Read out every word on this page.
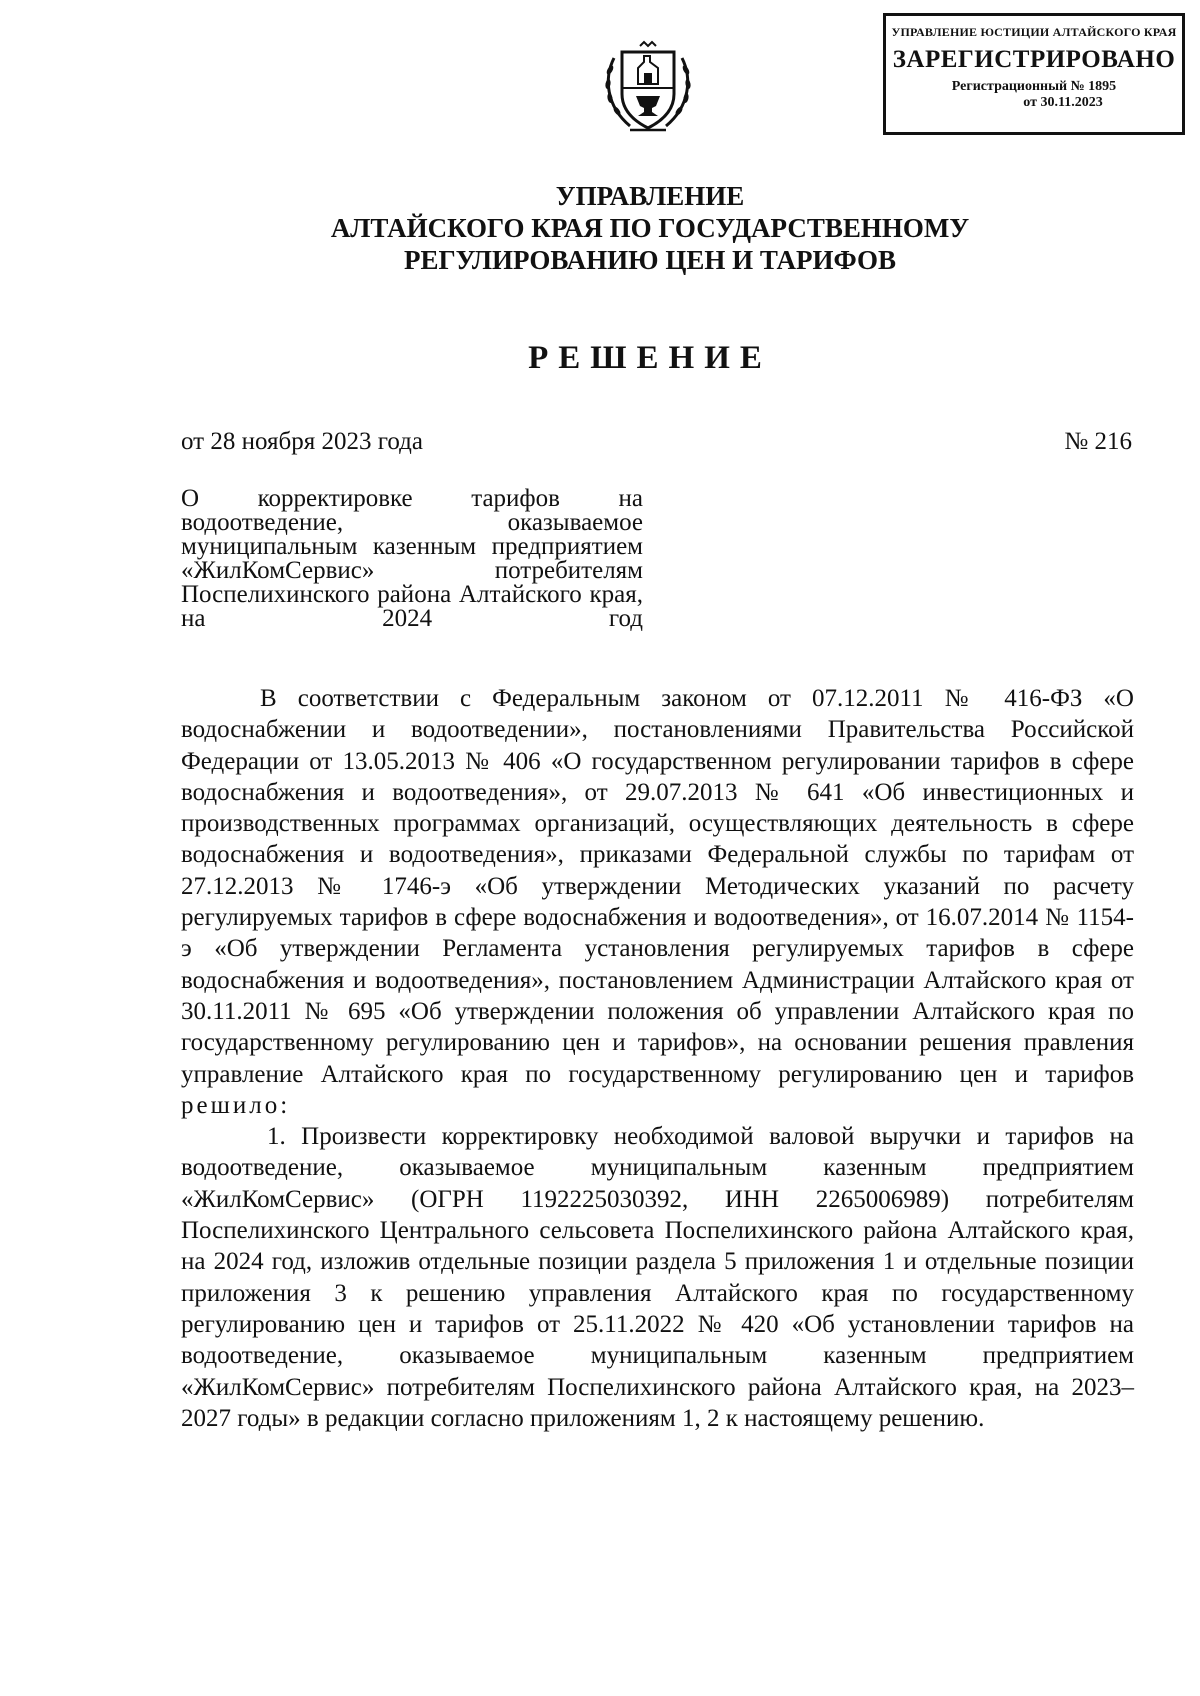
УПРАВЛЕНИЕ ЮСТИЦИИ АЛТАЙСКОГО КРАЯ
ЗАРЕГИСТРИРОВАНО
Регистрационный № 1895
от 30.11.2023
УПРАВЛЕНИЕ
АЛТАЙСКОГО КРАЯ ПО ГОСУДАРСТВЕННОМУ
РЕГУЛИРОВАНИЮ ЦЕН И ТАРИФОВ
РЕШЕНИЕ
от 28 ноября 2023 года	№ 216
О корректировке тарифов на водоотведение, оказываемое муниципальным казенным предприятием «ЖилКомСервис» потребителям Поспелихинского района Алтайского края, на 2024 год

В соответствии с Федеральным законом от 07.12.2011 № 416-ФЗ «О водоснабжении и водоотведении», постановлениями Правительства Российской Федерации от 13.05.2013 № 406 «О государственном регулировании тарифов в сфере водоснабжения и водоотведения», от 29.07.2013 № 641 «Об инвестиционных и производственных программах организаций, осуществляющих деятельность в сфере водоснабжения и водоотведения», приказами Федеральной службы по тарифам от 27.12.2013 № 1746-э «Об утверждении Методических указаний по расчету регулируемых тарифов в сфере водоснабжения и водоотведения», от 16.07.2014 № 1154-э «Об утверждении Регламента установления регулируемых тарифов в сфере водоснабжения и водоотведения», постановлением Администрации Алтайского края от 30.11.2011 № 695 «Об утверждении положения об управлении Алтайского края по государственному регулированию цен и тарифов», на основании решения правления управление Алтайского края по государственному регулированию цен и тарифов решило:

1. Произвести корректировку необходимой валовой выручки и тарифов на водоотведение, оказываемое муниципальным казенным предприятием «ЖилКомСервис» (ОГРН 1192225030392, ИНН 2265006989) потребителям Поспелихинского Центрального сельсовета Поспелихинского района Алтайского края, на 2024 год, изложив отдельные позиции раздела 5 приложения 1 и отдельные позиции приложения 3 к решению управления Алтайского края по государственному регулированию цен и тарифов от 25.11.2022 № 420 «Об установлении тарифов на водоотведение, оказываемое муниципальным казенным предприятием «ЖилКомСервис» потребителям Поспелихинского района Алтайского края, на 2023–2027 годы» в редакции согласно приложениям 1, 2 к настоящему решению.
